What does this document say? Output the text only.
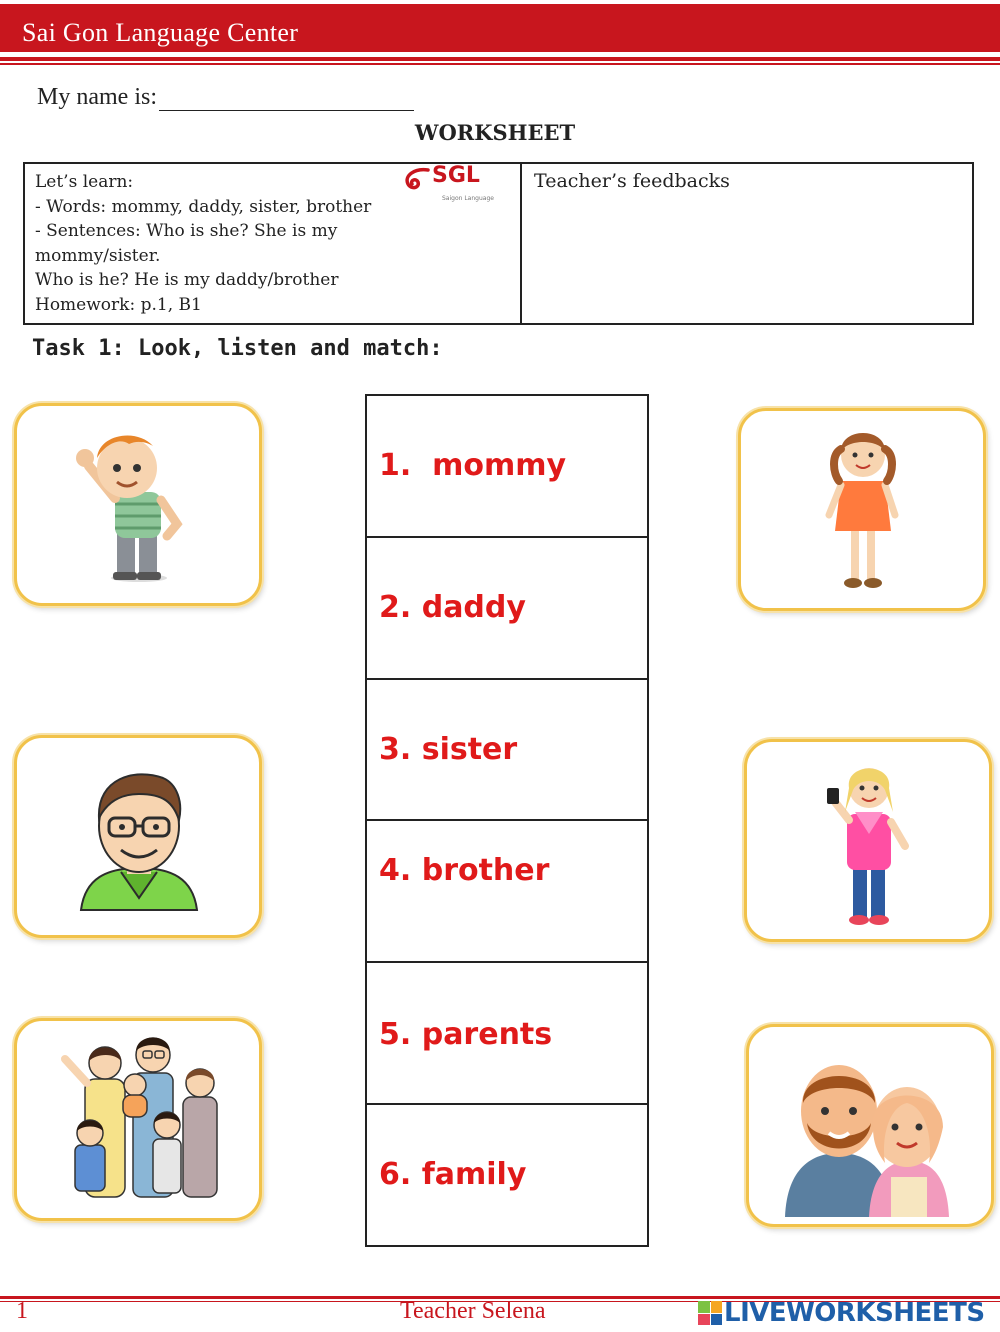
Sai Gon Language Center
My name is:
WORKSHEET
Let’s learn:
- Words: mommy, daddy, sister, brother
- Sentences: Who is she? She is my
mommy/sister.
Who is he? He is my daddy/brother
Homework: p.1, B1
SGL
Saigon Language
Teacher’s feedbacks
Task 1: Look, listen and match:
1.  mommy
2. daddy
3. sister
4. brother
5. parents
6. family
1	Teacher Selena	LIVEWORKSHEETS
